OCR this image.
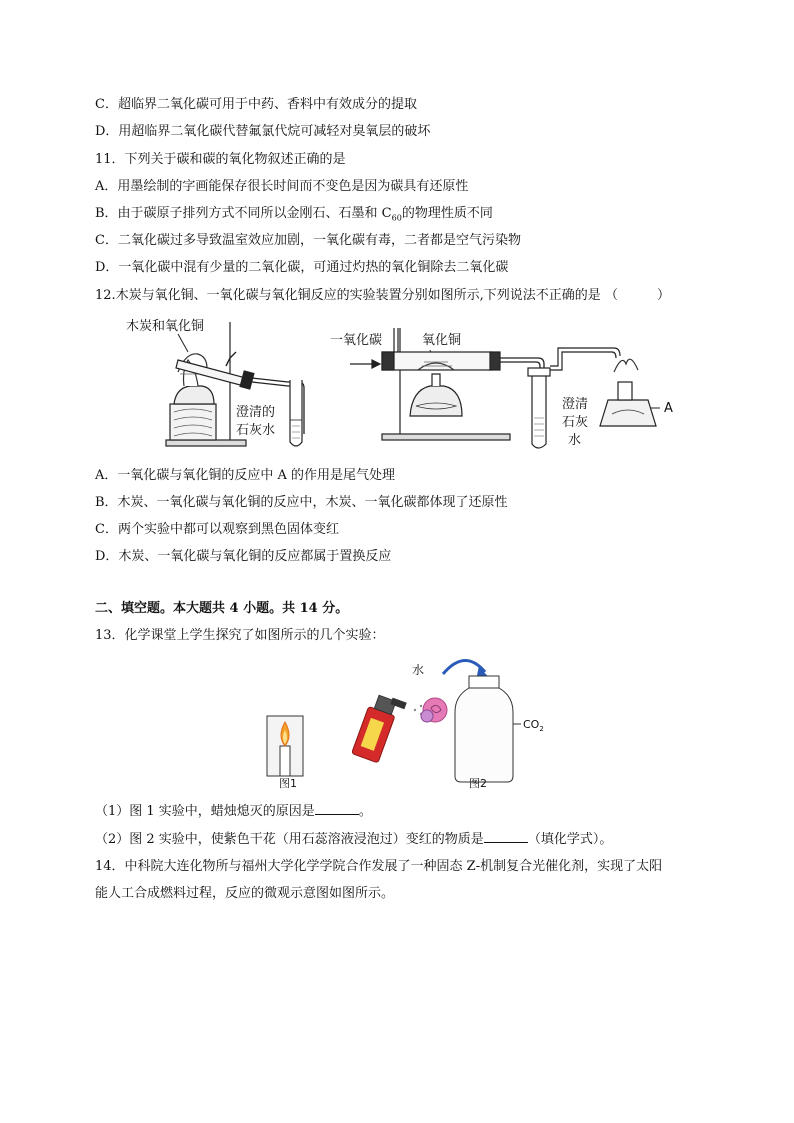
C．超临界二氧化碳可用于中药、香料中有效成分的提取
D．用超临界二氧化碳代替氟氯代烷可减轻对臭氧层的破坏
11．下列关于碳和碳的氧化物叙述正确的是
A．用墨绘制的字画能保存很长时间而不变色是因为碳具有还原性
B．由于碳原子排列方式不同所以金刚石、石墨和 $C_{60}$的物理性质不同
C．二氧化碳过多导致温室效应加剧，一氧化碳有毒，二者都是空气污染物
D．一氧化碳中混有少量的二氧化碳，可通过灼热的氧化铜除去二氧化碳
12.木炭与氧化铜、一氧化碳与氧化铜反应的实验装置分别如图所示,下列说法不正确的是 （　　　）
木炭和氧化铜
澄清的
石灰水
一氧化碳	氧化铜
澄清
石灰
水
A
A．一氧化碳与氧化铜的反应中 A 的作用是尾气处理
B．木炭、一氧化碳与氧化铜的反应中，木炭、一氧化碳都体现了还原性
C．两个实验中都可以观察到黑色固体变红
D．木炭、一氧化碳与氧化铜的反应都属于置换反应
二、填空题。本大题共 4 小题。共 14 分。
13．化学课堂上学生探究了如图所示的几个实验：
图1
水
$CO_2$
图2
（1）图 1 实验中，蜡烛熄灭的原因是	。
（2）图 2 实验中，使紫色干花（用石蕊溶液浸泡过）变红的物质是	（填化学式）。
14．中科院大连化物所与福州大学化学学院合作发展了一种固态 Z-机制复合光催化剂，实现了太阳
能人工合成燃料过程，反应的微观示意图如图所示。
